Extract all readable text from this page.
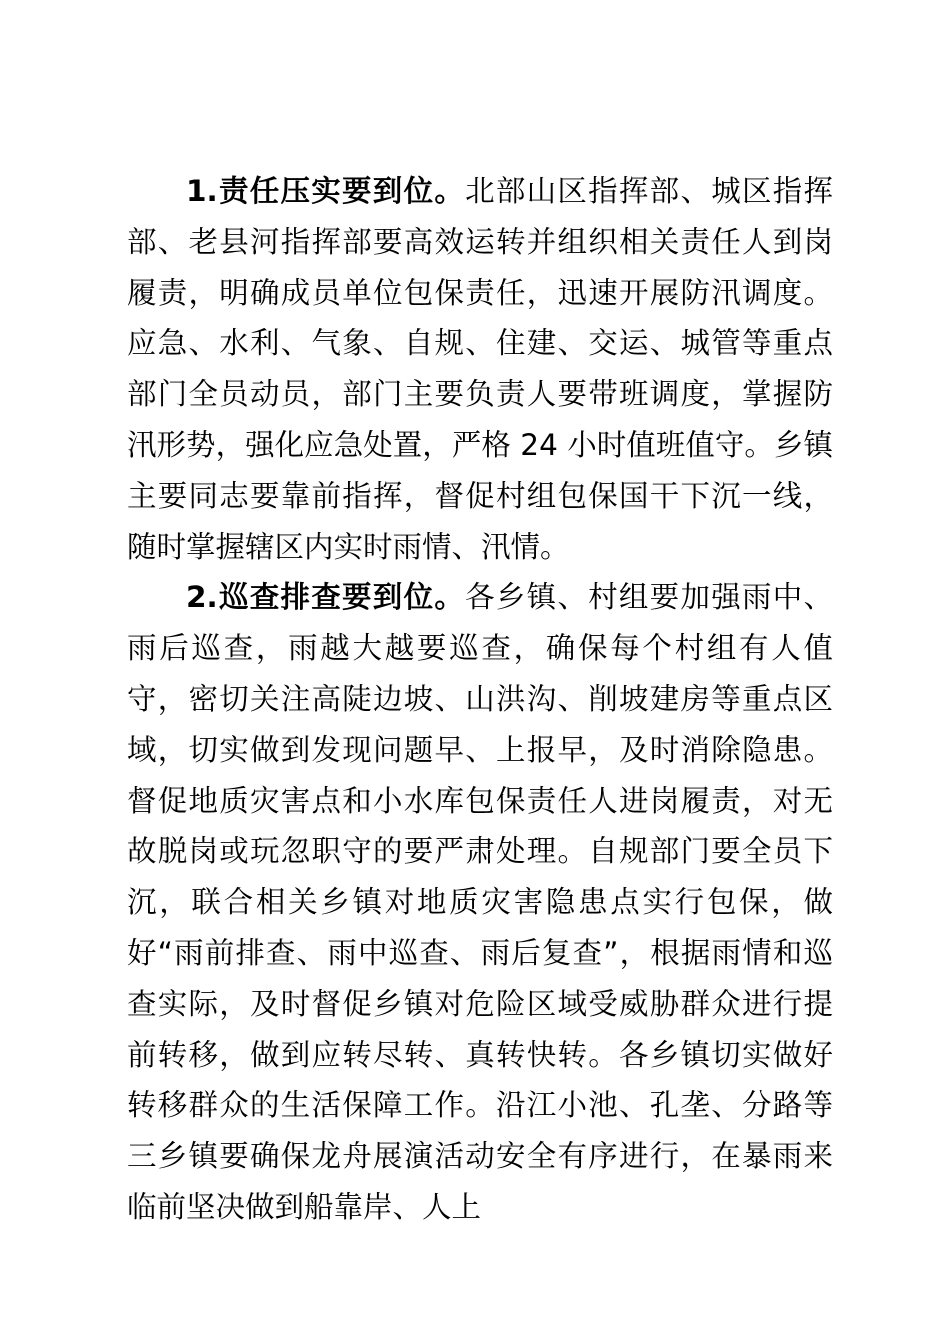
1.责任压实要到位。北部山区指挥部、城区指挥部、老县河指挥部要高效运转并组织相关责任人到岗履责，明确成员单位包保责任，迅速开展防汛调度。应急、水利、气象、自规、住建、交运、城管等重点部门全员动员，部门主要负责人要带班调度，掌握防汛形势，强化应急处置，严格 24 小时值班值守。乡镇主要同志要靠前指挥，督促村组包保国干下沉一线，随时掌握辖区内实时雨情、汛情。

2.巡查排查要到位。各乡镇、村组要加强雨中、雨后巡查，雨越大越要巡查，确保每个村组有人值守，密切关注高陡边坡、山洪沟、削坡建房等重点区域，切实做到发现问题早、上报早，及时消除隐患。督促地质灾害点和小水库包保责任人进岗履责，对无故脱岗或玩忽职守的要严肃处理。自规部门要全员下沉，联合相关乡镇对地质灾害隐患点实行包保，做好“雨前排查、雨中巡查、雨后复查”，根据雨情和巡查实际，及时督促乡镇对危险区域受威胁群众进行提前转移，做到应转尽转、真转快转。各乡镇切实做好转移群众的生活保障工作。沿江小池、孔垄、分路等三乡镇要确保龙舟展演活动安全有序进行，在暴雨来临前坚决做到船靠岸、人上
